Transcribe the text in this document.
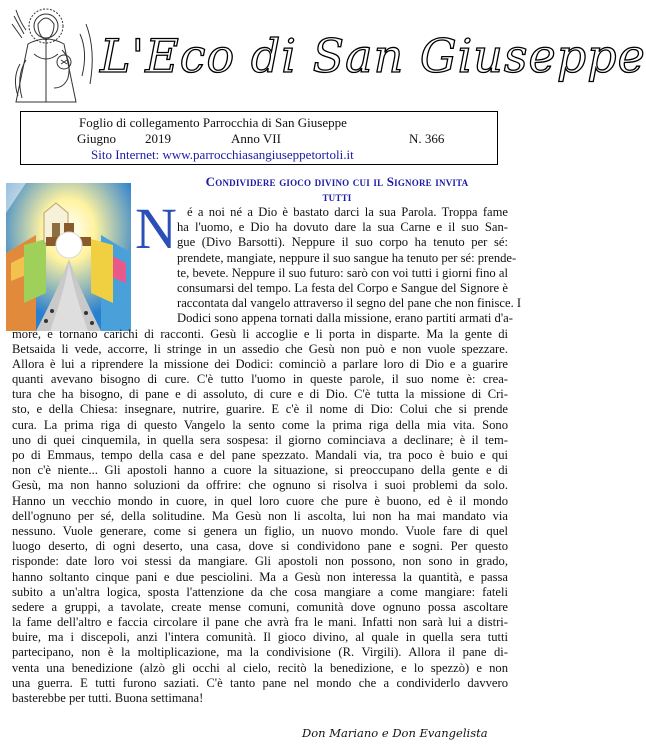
L'Eco di San Giuseppe
Foglio di collegamento Parrocchia di San Giuseppe
Giugno 2019	Anno VII	N. 366
Sito Internet: www.parrocchiasangiuseppetortoli.it
Condividere gioco divino cui il Signore invita
tutti
N é a noi né a Dio è bastato darci la sua Parola. Troppa fame
ha l'uomo, e Dio ha dovuto dare la sua Carne e il suo San-
gue (Divo Barsotti). Neppure il suo corpo ha tenuto per sé:
prendete, mangiate, neppure il suo sangue ha tenuto per sé: prende-
te, bevete. Neppure il suo futuro: sarò con voi tutti i giorni fino al
consumarsi del tempo. La festa del Corpo e Sangue del Signore è
raccontata dal vangelo attraverso il segno del pane che non finisce. I
Dodici sono appena tornati dalla missione, erano partiti armati d'a-
more, e tornano carichi di racconti. Gesù li accoglie e li porta in disparte. Ma la gente di
Betsaida li vede, accorre, li stringe in un assedio che Gesù non può e non vuole spezzare.
Allora è lui a riprendere la missione dei Dodici: cominciò a parlare loro di Dio e a guarire
quanti avevano bisogno di cure. C'è tutto l'uomo in queste parole, il suo nome è: crea-
tura che ha bisogno, di pane e di assoluto, di cure e di Dio. C'è tutta la missione di Cri-
sto, e della Chiesa: insegnare, nutrire, guarire. E c'è il nome di Dio: Colui che si prende
cura. La prima riga di questo Vangelo la sento come la prima riga della mia vita. Sono
uno di quei cinquemila, in quella sera sospesa: il giorno cominciava a declinare; è il tem-
po di Emmaus, tempo della casa e del pane spezzato. Mandali via, tra poco è buio e qui
non c'è niente... Gli apostoli hanno a cuore la situazione, si preoccupano della gente e di
Gesù, ma non hanno soluzioni da offrire: che ognuno si risolva i suoi problemi da solo.
Hanno un vecchio mondo in cuore, in quel loro cuore che pure è buono, ed è il mondo
dell'ognuno per sé, della solitudine. Ma Gesù non li ascolta, lui non ha mai mandato via
nessuno. Vuole generare, come si genera un figlio, un nuovo mondo. Vuole fare di quel
luogo deserto, di ogni deserto, una casa, dove si condividono pane e sogni. Per questo
risponde: date loro voi stessi da mangiare. Gli apostoli non possono, non sono in grado,
hanno soltanto cinque pani e due pesciolini. Ma a Gesù non interessa la quantità, e passa
subito a un'altra logica, sposta l'attenzione da che cosa mangiare a come mangiare: fateli
sedere a gruppi, a tavolate, create mense comuni, comunità dove ognuno possa ascoltare
la fame dell'altro e faccia circolare il pane che avrà fra le mani. Infatti non sarà lui a distri-
buire, ma i discepoli, anzi l'intera comunità. Il gioco divino, al quale in quella sera tutti
partecipano, non è la moltiplicazione, ma la condivisione (R. Virgili). Allora il pane di-
venta una benedizione (alzò gli occhi al cielo, recitò la benedizione, e lo spezzò) e non
una guerra. E tutti furono saziati. C'è tanto pane nel mondo che a condividerlo davvero
basterebbe per tutti. Buona settimana!
Don Mariano e Don Evangelista
